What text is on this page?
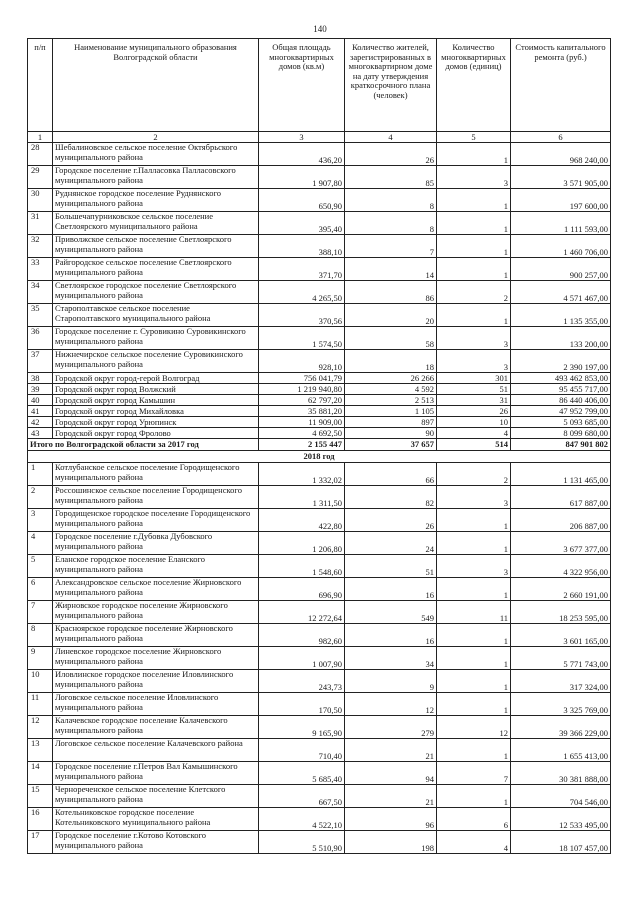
140
п/п	Наименование муниципального образования Волгоградской области	Общая площадь многоквартирных домов (кв.м)	Количество жителей, зарегистрированных в многоквартирном доме на дату утверждения краткосрочного плана (человек)	Количество многоквартирных домов (единиц)	Стоимость капитального ремонта (руб.)
1	2	3	4	5	6
28	Шебалиновское сельское поселение Октябрьского муниципального района	436,20	26	1	968 240,00
29	Городское поселение г.Палласовка Палласовского муниципального района	1 907,80	85	3	3 571 905,00
30	Руднянское городское поселение Руднянского муниципального района	650,90	8	1	197 600,00
31	Большечапурниковское сельское поселение Светлоярского муниципального района	395,40	8	1	1 111 593,00
32	Приволжское сельское поселение Светлоярского муниципального района	388,10	7	1	1 460 706,00
33	Райгородское сельское поселение Светлоярского муниципального района	371,70	14	1	900 257,00
34	Светлоярское городское поселение Светлоярского муниципального района	4 265,50	86	2	4 571 467,00
35	Старополтавское сельское поселение Старополтавского муниципального района	370,56	20	1	1 135 355,00
36	Городское поселение г. Суровикино Суровикинского муниципального района	1 574,50	58	3	133 200,00
37	Нижнечирское сельское поселение Суровикинского муниципального района	928,10	18	3	2 390 197,00
38	Городской округ город-герой Волгоград	756 041,79	26 266	301	493 462 853,00
39	Городской округ город Волжский	1 219 940,80	4 592	51	95 455 717,00
40	Городской округ город Камышин	62 797,20	2 513	31	86 440 406,00
41	Городской округ город Михайловка	35 881,20	1 105	26	47 952 799,00
42	Городской округ город Урюпинск	11 909,00	897	10	5 093 685,00
43	Городской округ город Фролово	4 692,50	90	4	8 099 680,00
Итого по Волгоградской области за 2017 год		2 155 447	37 657	514	847 901 802
2018 год					
1	Котлубанское сельское поселение Городищенского муниципального района	1 332,02	66	2	1 131 465,00
2	Россошинское сельское поселение Городищенского муниципального района	1 311,50	82	3	617 887,00
3	Городищенское городское поселение Городищенского муниципального района	422,80	26	1	206 887,00
4	Городское поселение г.Дубовка Дубовского муниципального района	1 206,80	24	1	3 677 377,00
5	Еланское городское поселение Еланского муниципального района	1 548,60	51	3	4 322 956,00
6	Александровское сельское поселение Жирновского муниципального района	696,90	16	1	2 660 191,00
7	Жирновское городское поселение Жирновского муниципального района	12 272,64	549	11	18 253 595,00
8	Красноярское городское поселение Жирновского муниципального района	982,60	16	1	3 601 165,00
9	Линевское городское поселение Жирновского муниципального района	1 007,90	34	1	5 771 743,00
10	Иловлинское городское поселение Иловлинского муниципального района	243,73	9	1	317 324,00
11	Логовское сельское поселение Иловлинского муниципального района	170,50	12	1	3 325 769,00
12	Калачевское городское поселение Калачевского муниципального района	9 165,90	279	12	39 366 229,00
13	Логовское сельское поселение Калачевского района	710,40	21	1	1 655 413,00
14	Городское поселение г.Петров Вал Камышинского муниципального района	5 685,40	94	7	30 381 888,00
15	Чернореченское сельское поселение Клетского муниципального района	667,50	21	1	704 546,00
16	Котельниковское городское поселение Котельниковского муниципального района	4 522,10	96	6	12 533 495,00
17	Городское поселение г.Котово Котовского муниципального района	5 510,90	198	4	18 107 457,00
